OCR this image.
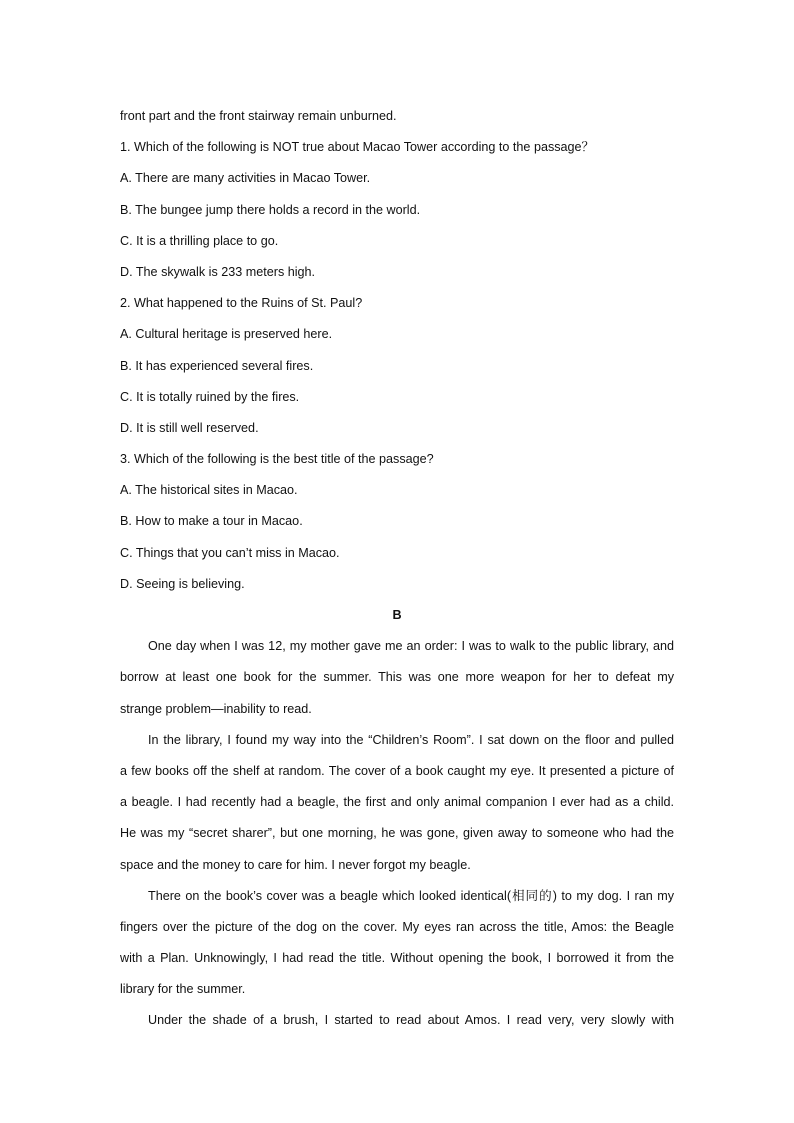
front part and the front stairway remain unburned.

1. Which of the following is NOT true about Macao Tower according to the passage？

A. There are many activities in Macao Tower.

B. The bungee jump there holds a record in the world.

C. It is a thrilling place to go.

D. The skywalk is 233 meters high.

2. What happened to the Ruins of St. Paul?

A. Cultural heritage is preserved here.

B. It has experienced several fires.

C. It is totally ruined by the fires.

D. It is still well reserved.

3. Which of the following is the best title of the passage?

A. The historical sites in Macao.

B. How to make a tour in Macao.

C. Things that you can’t miss in Macao.

D. Seeing is believing.

B

One day when I was 12, my mother gave me an order: I was to walk to the public library, and
borrow at least one book for the summer. This was one more weapon for her to defeat my
strange problem—inability to read.
In the library, I found my way into the “Children’s Room”. I sat down on the floor and pulled
a few books off the shelf at random. The cover of a book caught my eye. It presented a picture of
a beagle. I had recently had a beagle, the first and only animal companion I ever had as a child.
He was my “secret sharer”, but one morning, he was gone, given away to someone who had the
space and the money to care for him. I never forgot my beagle.
There on the book’s cover was a beagle which looked identical(相同的) to my dog. I ran my
fingers over the picture of the dog on the cover. My eyes ran across the title, Amos: the Beagle
with a Plan. Unknowingly, I had read the title. Without opening the book, I borrowed it from the
library for the summer.
Under the shade of a brush, I started to read about Amos. I read very, very slowly with
